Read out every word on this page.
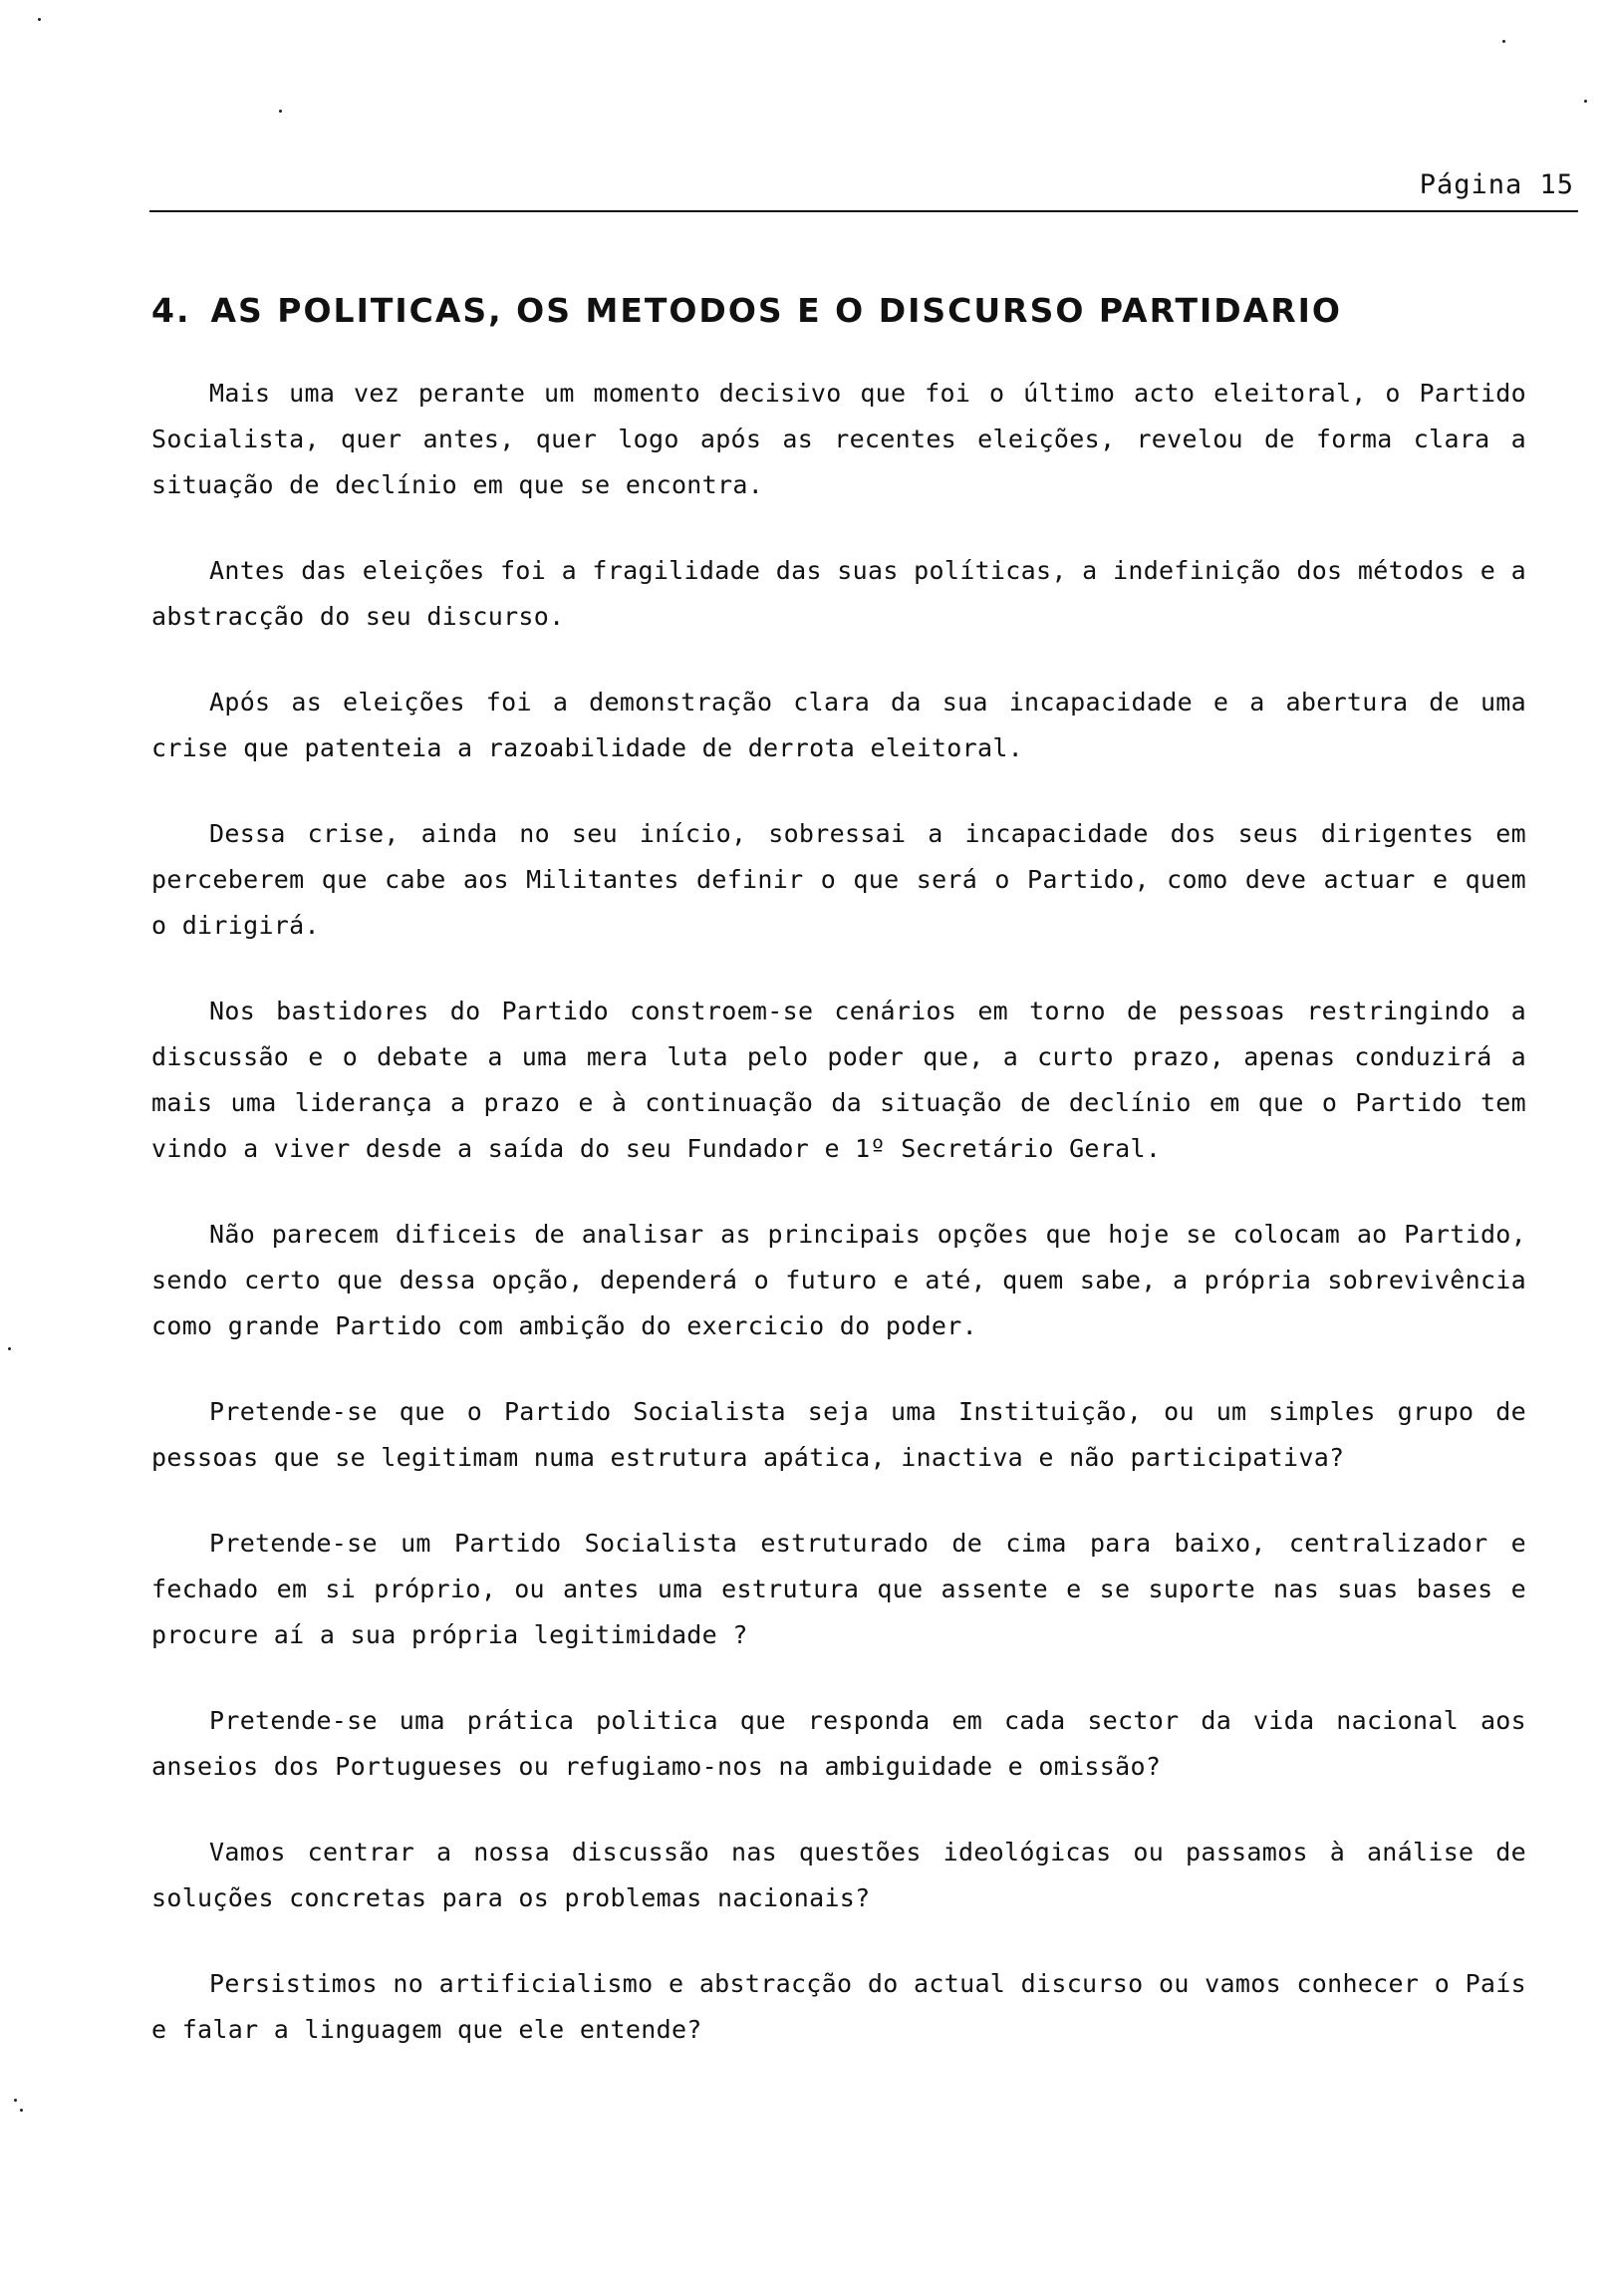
Página 15
4. AS POLITICAS, OS METODOS E O DISCURSO PARTIDARIO

Mais uma vez perante um momento decisivo que foi o último acto eleitoral, o Partido Socialista, quer antes, quer logo após as recentes eleições, revelou de forma clara a situação de declínio em que se encontra.

Antes das eleições foi a fragilidade das suas políticas, a indefinição dos métodos e a abstracção do seu discurso.

Após as eleições foi a demonstração clara da sua incapacidade e a abertura de uma crise que patenteia a razoabilidade de derrota eleitoral.

Dessa crise, ainda no seu início, sobressai a incapacidade dos seus dirigentes em perceberem que cabe aos Militantes definir o que será o Partido, como deve actuar e quem o dirigirá.

Nos bastidores do Partido constroem-se cenários em torno de pessoas restringindo a discussão e o debate a uma mera luta pelo poder que, a curto prazo, apenas conduzirá a mais uma liderança a prazo e à continuação da situação de declínio em que o Partido tem vindo a viver desde a saída do seu Fundador e 1º Secretário Geral.

Não parecem dificeis de analisar as principais opções que hoje se colocam ao Partido, sendo certo que dessa opção, dependerá o futuro e até, quem sabe, a própria sobrevivência como grande Partido com ambição do exercicio do poder.

Pretende-se que o Partido Socialista seja uma Instituição, ou um simples grupo de pessoas que se legitimam numa estrutura apática, inactiva e não participativa?

Pretende-se um Partido Socialista estruturado de cima para baixo, centralizador e fechado em si próprio, ou antes uma estrutura que assente e se suporte nas suas bases e procure aí a sua própria legitimidade ?

Pretende-se uma prática politica que responda em cada sector da vida nacional aos anseios dos Portugueses ou refugiamo-nos na ambiguidade e omissão?

Vamos centrar a nossa discussão nas questões ideológicas ou passamos à análise de soluções concretas para os problemas nacionais?

Persistimos no artificialismo e abstracção do actual discurso ou vamos conhecer o País e falar a linguagem que ele entende?
